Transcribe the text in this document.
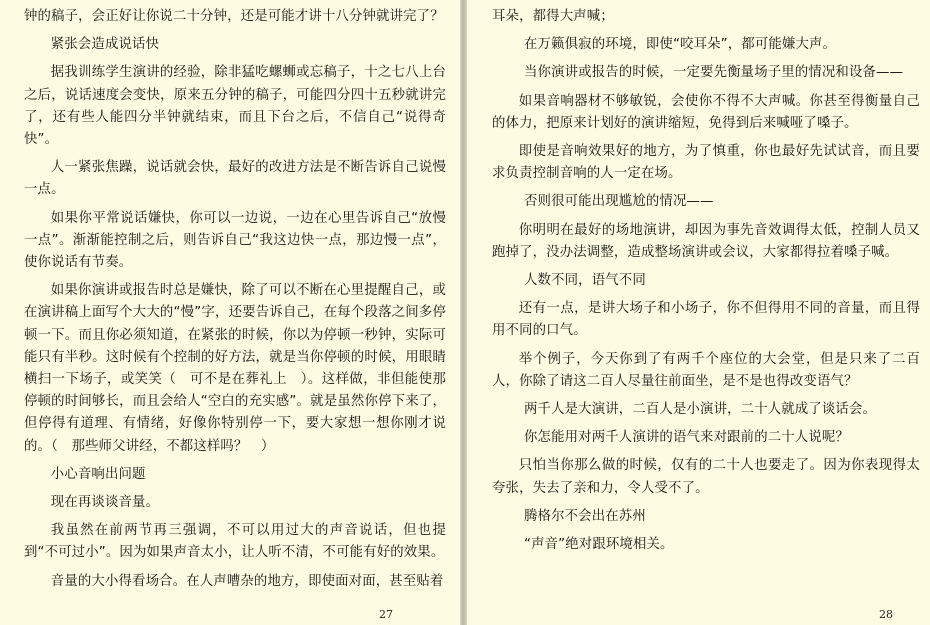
钟的稿子，会正好让你说二十分钟，还是可能才讲十八分钟就讲完了？

紧张会造成说话快

据我训练学生演讲的经验，除非猛吃螺蛳或忘稿子，十之七八上台之后，说话速度会变快，原来五分钟的稿子，可能四分四十五秒就讲完了，还有些人能四分半钟就结束，而且下台之后，不信自己“说得奇快”。

人一紧张焦躁，说话就会快，最好的改进方法是不断告诉自己说慢一点。

如果你平常说话嫌快，你可以一边说，一边在心里告诉自己“放慢一点”。渐渐能控制之后，则告诉自己“我这边快一点，那边慢一点”，使你说话有节奏。

如果你演讲或报告时总是嫌快，除了可以不断在心里提醒自己，或在演讲稿上面写个大大的“慢”字，还要告诉自己，在每个段落之间多停顿一下。而且你必须知道，在紧张的时候，你以为停顿一秒钟，实际可能只有半秒。这时候有个控制的好方法，就是当你停顿的时候，用眼睛横扫一下场子，或笑笑（　可不是在葬礼上　）。这样做，非但能使那停顿的时间够长，而且会给人“空白的充实感”。就是虽然你停下来了，但停得有道理、有情绪，好像你特别停一下，要大家想一想你刚才说的。（　那些师父讲经，不都这样吗？　）

小心音响出问题

现在再谈谈音量。

我虽然在前两节再三强调，不可以用过大的声音说话，但也提到“不可过小”。因为如果声音太小，让人听不清，不可能有好的效果。

音量的大小得看场合。在人声嘈杂的地方，即使面对面，甚至贴着

27

耳朵，都得大声喊；

在万籁俱寂的环境，即使“咬耳朵”，都可能嫌大声。

当你演讲或报告的时候，一定要先衡量场子里的情况和设备——

如果音响器材不够敏锐，会使你不得不大声喊。你甚至得衡量自己的体力，把原来计划好的演讲缩短，免得到后来喊哑了嗓子。

即使是音响效果好的地方，为了慎重，你也最好先试试音，而且要求负责控制音响的人一定在场。

否则很可能出现尴尬的情况——

你明明在最好的场地演讲，却因为事先音效调得太低，控制人员又跑掉了，没办法调整，造成整场演讲或会议，大家都得拉着嗓子喊。

人数不同，语气不同

还有一点，是讲大场子和小场子，你不但得用不同的音量，而且得用不同的口气。

举个例子，今天你到了有两千个座位的大会堂，但是只来了二百人，你除了请这二百人尽量往前面坐，是不是也得改变语气？

两千人是大演讲，二百人是小演讲，二十人就成了谈话会。

你怎能用对两千人演讲的语气来对跟前的二十人说呢？

只怕当你那么做的时候，仅有的二十人也要走了。因为你表现得太夸张，失去了亲和力，令人受不了。

腾格尔不会出在苏州

“声音”绝对跟环境相关。

28
